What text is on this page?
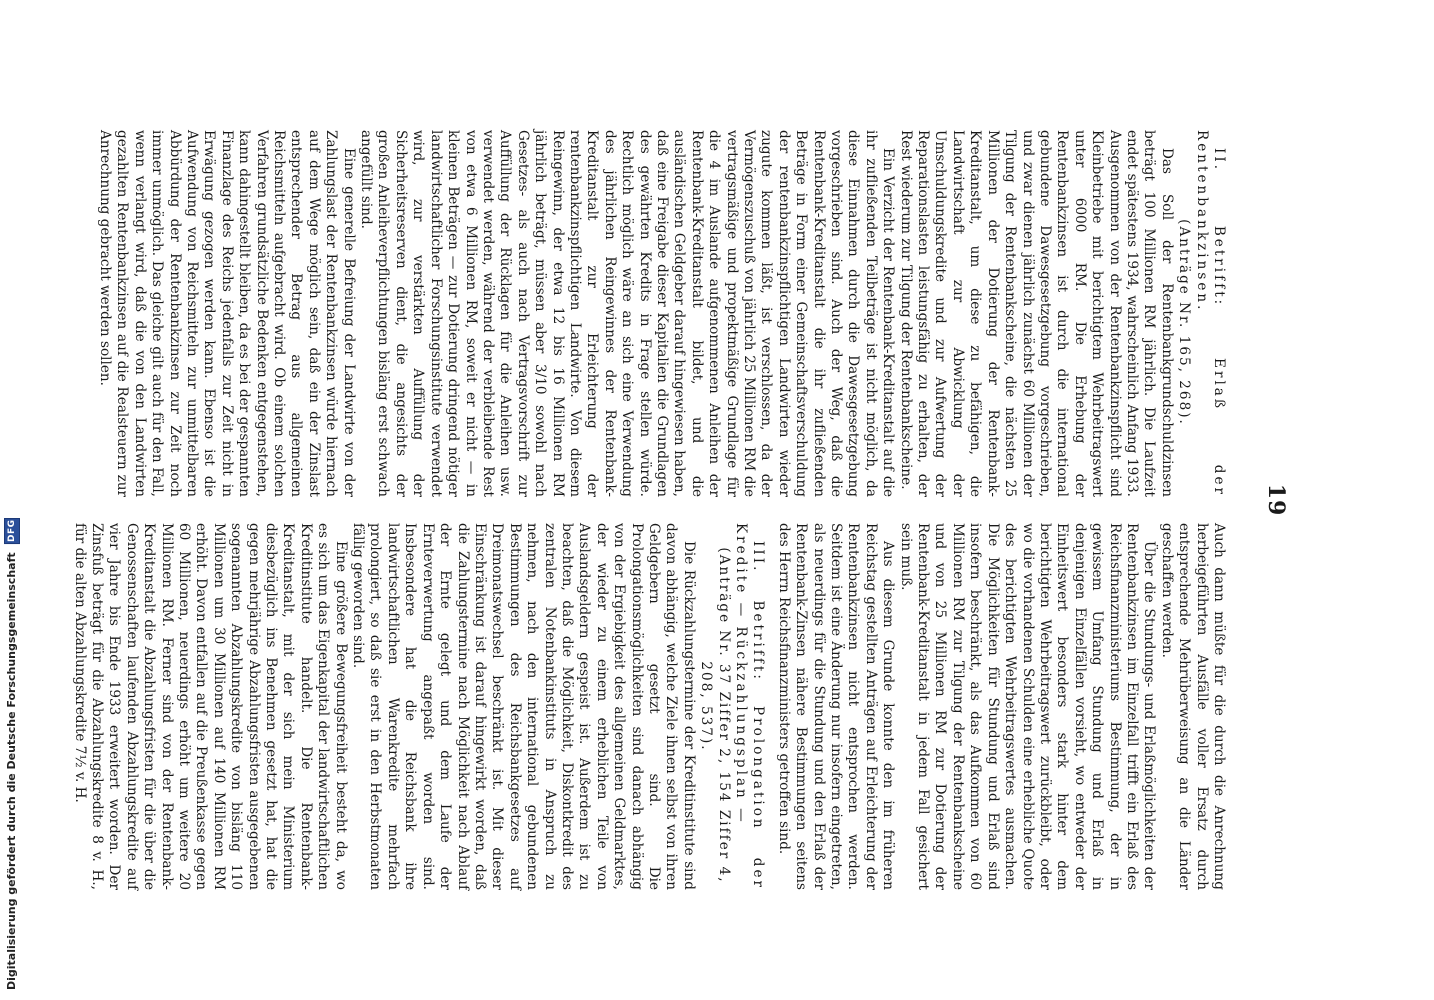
19

II. Betrifft: Erlaß der Rentenbankzinsen.

(Anträge Nr. 165, 268).

Das Soll der Rentenbankgrundschuldzinsen beträgt 100 Millionen RM jährlich. Die Laufzeit endet spätestens 1934, wahrscheinlich Anfang 1933. Ausgenommen von der Rentenbankzinspflicht sind Kleinbetriebe mit berichtigtem Wehrbeitragswert unter 6000 RM. Die Erhebung der Rentenbankzinsen ist durch die international gebundene Dawesgesetzgebung vorgeschrieben, und zwar dienen jährlich zunächst 60 Millionen der Tilgung der Rentenbankscheine, die nächsten 25 Millionen der Dotierung der Rentenbank-Kreditanstalt, um diese zu befähigen, die Landwirtschaft zur Abwicklung der Umschuldungskredite und zur Aufwertung der Reparationslasten leistungsfähig zu erhalten, der Rest wiederum zur Tilgung der Rentenbankscheine.

Ein Verzicht der Rentenbank-Kreditanstalt auf die ihr zufließenden Teilbeträge ist nicht möglich, da diese Einnahmen durch die Dawesgesetzgebung vorgeschrieben sind. Auch der Weg, daß die Rentenbank-Kreditanstalt die ihr zufließenden Beträge in Form einer Gemeinschaftsverschuldung der rentenbankzinspflichtigen Landwirten wieder zugute kommen läßt, ist verschlossen, da der Vermögenszuschuß von jährlich 25 Millionen RM die vertragsmäßige und propektmäßige Grundlage für die 4 im Auslande aufgenommenen Anleihen der Rentenbank-Kreditanstalt bildet, und die ausländischen Geldgeber darauf hingewiesen haben, daß eine Freigabe dieser Kapitalien die Grundlagen des gewährten Kredits in Frage stellen würde. Rechtlich möglich wäre an sich eine Verwendung des jährlichen Reingewinnes der Rentenbank-Kreditanstalt zur Erleichterung der rentenbankzinspflichtigen Landwirte. Von diesem Reingewinn, der etwa 12 bis 16 Millionen RM jährlich beträgt, müssen aber 3/10 sowohl nach Gesetzes- als auch nach Vertragsvorschrift zur Auffüllung der Rücklagen für die Anleihen usw. verwendet werden, während der verbleibende Rest von etwa 6 Millionen RM, soweit er nicht — in kleinen Beträgen — zur Dotierung dringend nötiger landwirtschaftlicher Forschungsinstitute verwendet wird, zur verstärkten Auffüllung der Sicherheitsreserven dient, die angesichts der großen Anleiheverpflichtungen bisläng erst schwach angefüllt sind.

Eine generelle Befreiung der Landwirte von der Zahlungslast der Rentenbankzinsen würde hiernach auf dem Wege möglich sein, daß ein der Zinslast entsprechender Betrag aus allgemeinen Reichsmitteln aufgebracht wird. Ob einem solchen Verfahren grundsätzliche Bedenken entgegenstehen, kann dahingestellt bleiben, da es bei der gespannten Finanzlage des Reichs jedenfalls zur Zeit nicht in Erwägung gezogen werden kann. Ebenso ist die Aufwendung von Reichsmitteln zur unmittelbaren Abbürdung der Rentenbankzinsen zur Zeit noch immer unmöglich. Das gleiche gilt auch für den Fall, wenn verlangt wird, daß die von den Landwirten gezahlten Rentenbankzinsen auf die Realsteuern zur Anrechnung gebracht werden sollen.

Auch dann müßte für die durch die Anrechnung herbeigeführten Ausfälle voller Ersatz durch entsprechende Mehrüberweisung an die Länder geschaffen werden.

Über die Stundungs- und Erlaßmöglichkeiten der Rentenbankzinsen im Einzelfall trifft ein Erlaß des Reichsfinanzministeriums Bestimmung, der in gewissem Umfang Stundung und Erlaß in denjenigen Einzelfällen vorsieht, wo entweder der Einheitswert besonders stark hinter dem berichtigten Wehrbeitragswert zurückbleibt, oder wo die vorhandenen Schulden eine erhebliche Quote des berichtigten Wehrbeitragswertes ausmachen. Die Möglichkeiten für Stundung und Erlaß sind insofern beschränkt, als das Aufkommen von 60 Millionen RM zur Tilgung der Rentenbankscheine und von 25 Millionen RM zur Dotierung der Rentenbank-Kreditanstalt in jedem Fall gesichert sein muß.

Aus diesem Grunde konnte den im früheren Reichstag gestellten Anträgen auf Erleichterung der Rentenbankzinsen nicht entsprochen werden. Seitdem ist eine Änderung nur insofern eingetreten, als neuerdings für die Stundung und den Erlaß der Rentenbank-Zinsen nähere Bestimmungen seitens des Herrn Reichsfinanzministers getroffen sind.

III. Betrifft: Prolongation der Kredite — Rückzahlungsplan —

(Anträge Nr. 37 Ziffer 2, 154 Ziffer 4, 208, 537).

Die Rückzahlungstermine der Kreditinstitute sind davon abhängig, welche Ziele ihnen selbst von ihren Geldgebern gesetzt sind. Die Prolongationsmöglichkeiten sind danach abhängig von der Ergiebigkeit des allgemeinen Geldmarktes, der wieder zu einem erheblichen Teile von Auslandsgeldern gespeist ist. Außerdem ist zu beachten, daß die Möglichkeit, Diskontkredit des zentralen Notenbankinstituts in Anspruch zu nehmen, nach den international gebundenen Bestimmungen des Reichsbankgesetzes auf Dreimonatswechsel beschränkt ist. Mit dieser Einschränkung ist darauf hingewirkt worden, daß die Zahlungstermine nach Möglichkeit nach Ablauf der Ernte gelegt und dem Laufe der Ernteverwertung angepaßt worden sind. Insbesondere hat die Reichsbank ihre landwirtschaftlichen Warenkredite mehrfach prolongiert, so daß sie erst in den Herbstmonaten fällig geworden sind.

Eine größere Bewegungsfreiheit besteht da, wo es sich um das Eigenkapital der landwirtschaftlichen Kreditinstitute handelt. Die Rentenbank-Kreditanstalt, mit der sich mein Ministerium diesbezüglich ins Benehmen gesetzt hat, hat die gegen mehrjährige Abzahlungsfristen ausgegebenen sogenannten Abzahlungskredite von bisläng 110 Millionen um 30 Millionen auf 140 Millionen RM erhöht. Davon entfallen auf die Preußenkasse gegen 60 Millionen, neuerdings erhöht um weitere 20 Millionen RM. Ferner sind von der Rentenbank-Kreditanstalt die Abzahlungsfristen für die über die Genossenschaften laufenden Abzahlungskredite auf vier Jahre bis Ende 1933 erweitert worden. Der Zinsfuß beträgt für die Abzahlungskredite 8 v. H., für die alten Abzahlungskredite 7½ v. H.

Digitalisierung gefördert durch die Deutsche Forschungsgemeinschaft DFG
